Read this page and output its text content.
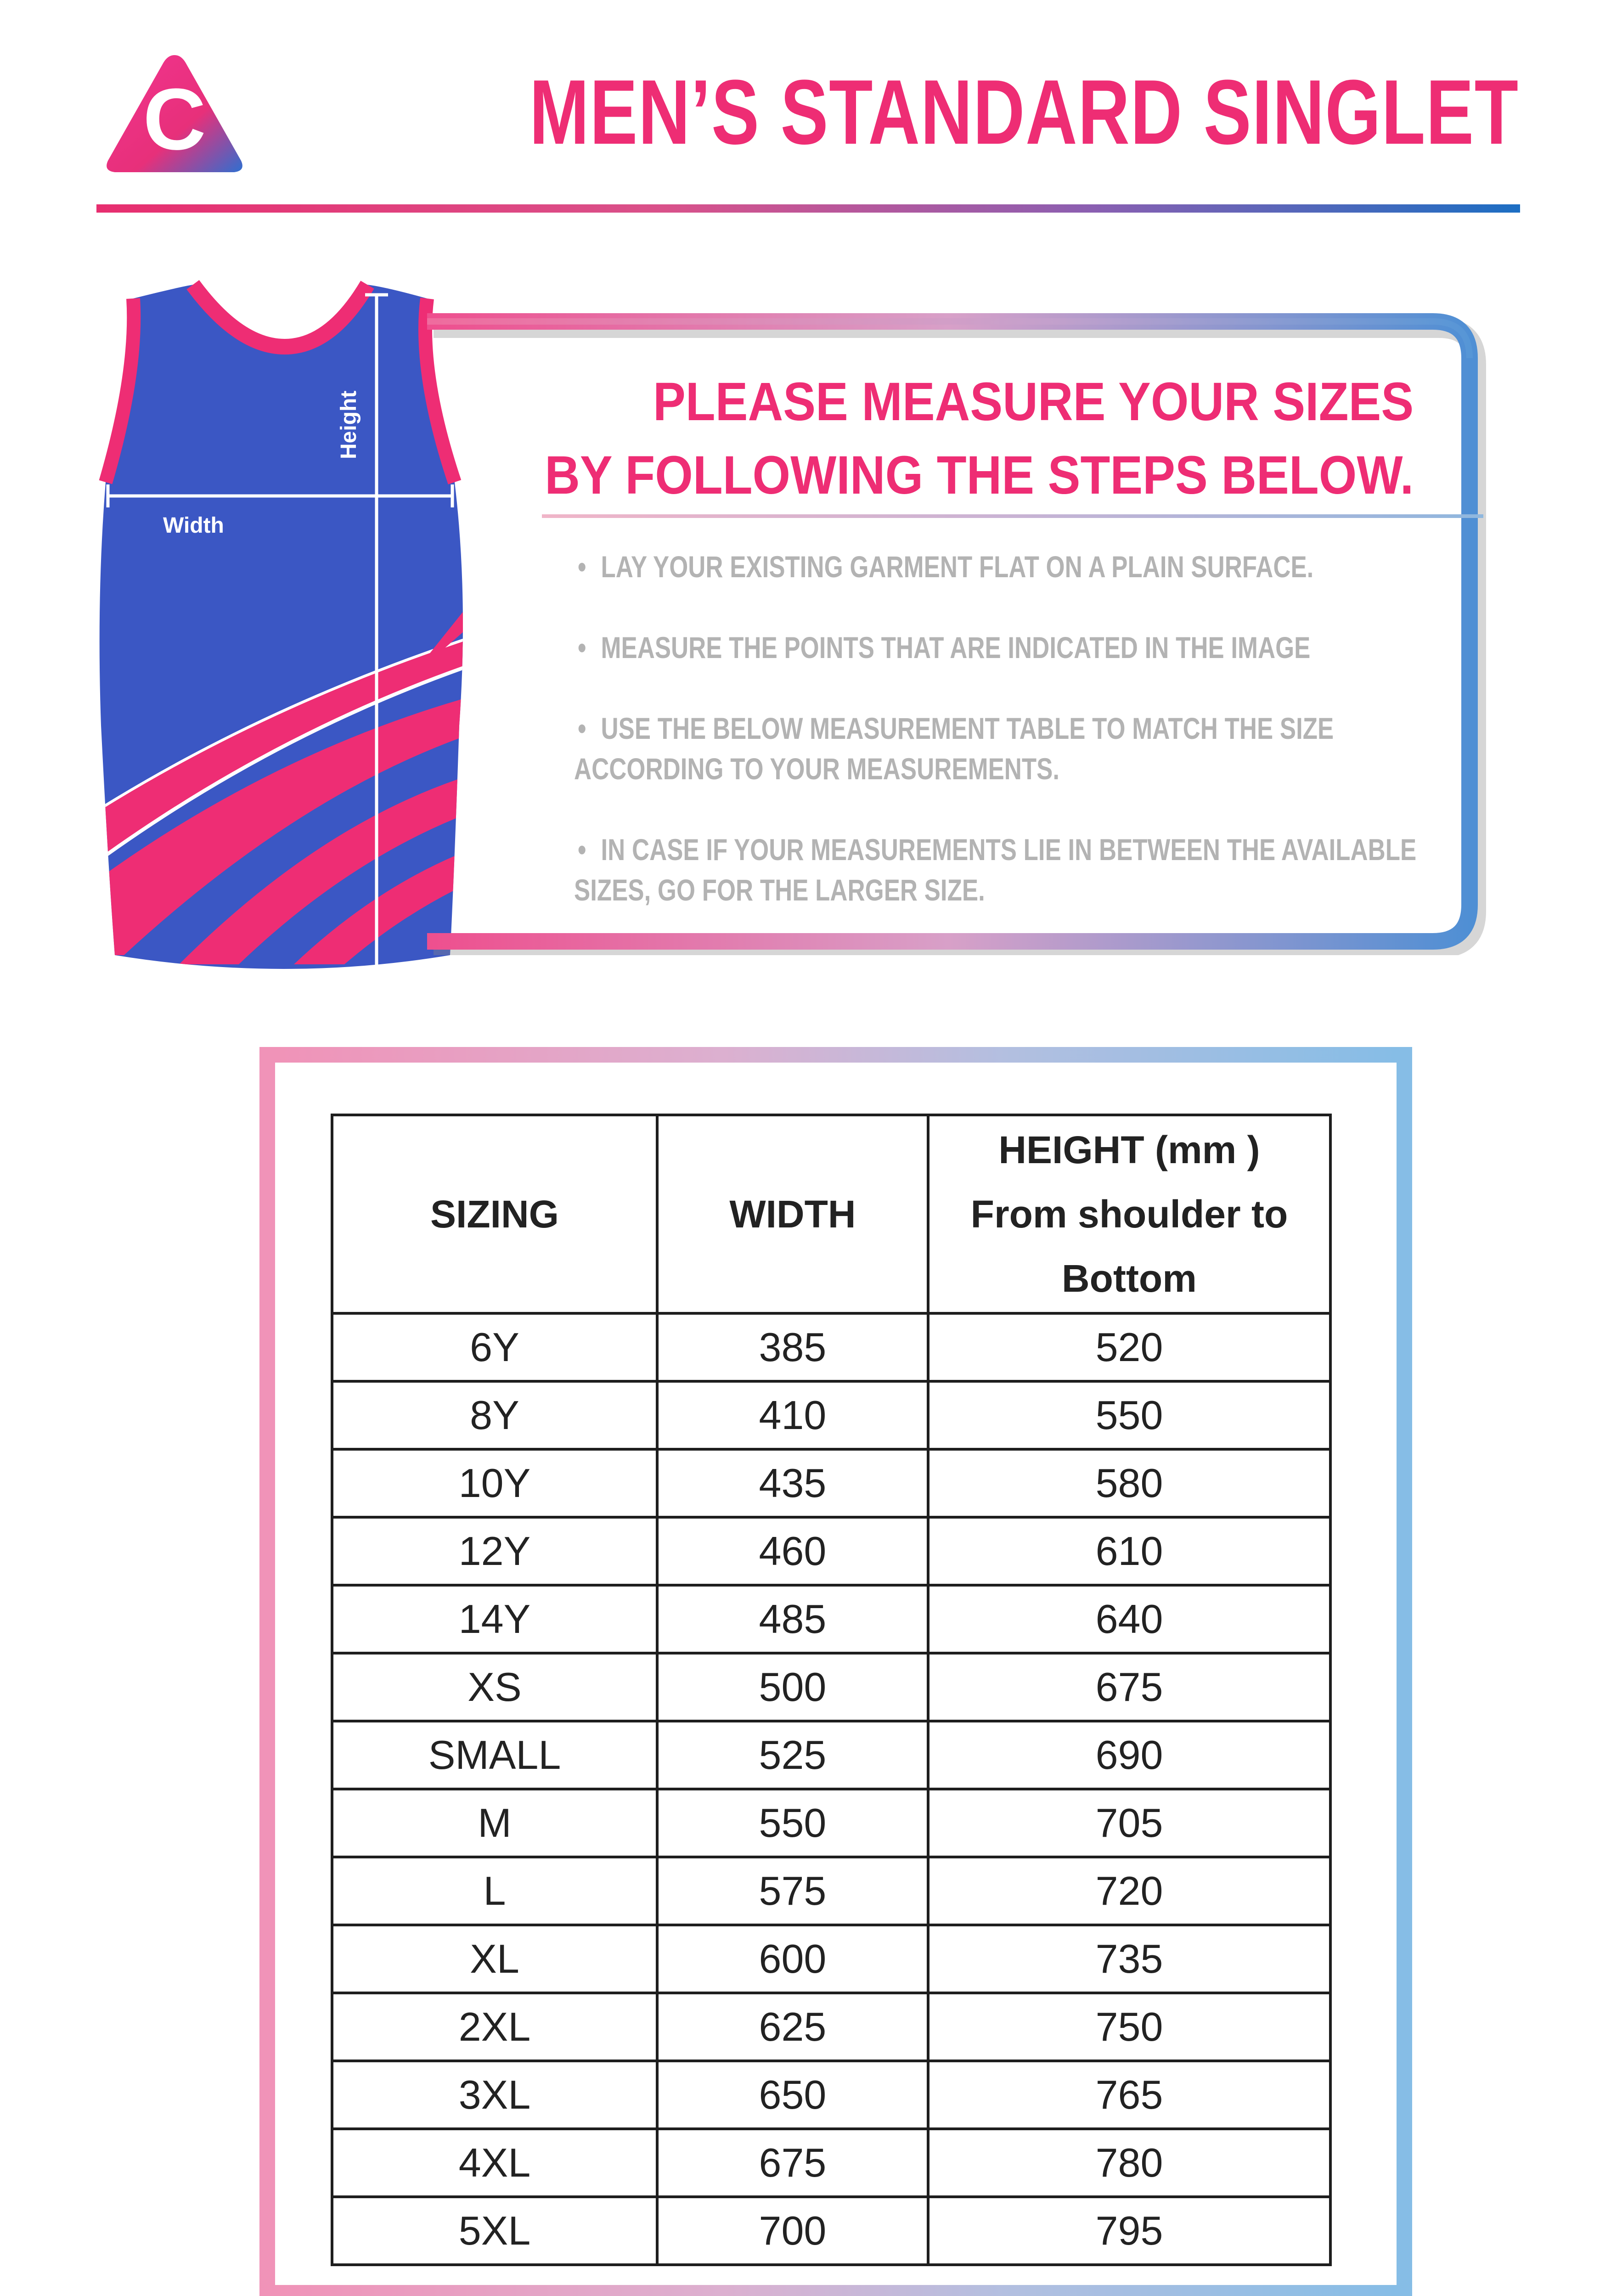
C	MEN’S STANDARD SINGLET
Height
Width
PLEASE MEASURE YOUR SIZES
BY FOLLOWING THE STEPS BELOW.
• LAY YOUR EXISTING GARMENT FLAT ON A PLAIN SURFACE.
• MEASURE THE POINTS THAT ARE INDICATED IN THE IMAGE
• USE THE BELOW MEASUREMENT TABLE TO MATCH THE SIZE
ACCORDING TO YOUR MEASUREMENTS.
• IN CASE IF YOUR MEASUREMENTS LIE IN BETWEEN THE AVAILABLE
SIZES, GO FOR THE LARGER SIZE.
SIZING	WIDTH	HEIGHT (mm )
From shoulder to
Bottom

6Y	385	520
8Y	410	550
10Y	435	580
12Y	460	610
14Y	485	640
XS	500	675
SMALL	525	690
M	550	705
L	575	720
XL	600	735
2XL	625	750
3XL	650	765
4XL	675	780
5XL	700	795
